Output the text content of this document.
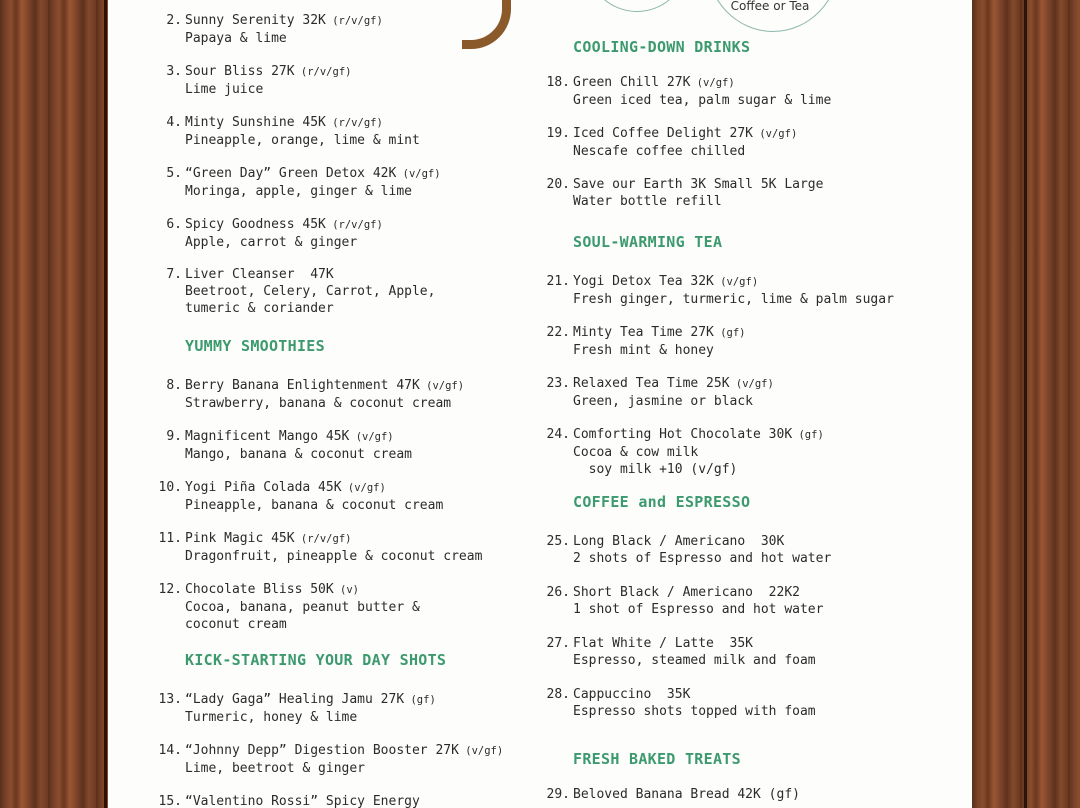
Coffee or Tea
2. Sunny Serenity 32K (r/v/gf)
Papaya & lime
3. Sour Bliss 27K (r/v/gf)
Lime juice
4. Minty Sunshine 45K (r/v/gf)
Pineapple, orange, lime & mint
5. “Green Day” Green Detox 42K (v/gf)
Moringa, apple, ginger & lime
6. Spicy Goodness 45K (r/v/gf)
Apple, carrot & ginger
7. Liver Cleanser  47K
Beetroot, Celery, Carrot, Apple,
tumeric & coriander
YUMMY SMOOTHIES
8. Berry Banana Enlightenment 47K (v/gf)
Strawberry, banana & coconut cream
9. Magnificent Mango 45K (v/gf)
Mango, banana & coconut cream
10. Yogi Piña Colada 45K (v/gf)
Pineapple, banana & coconut cream
11. Pink Magic 45K (r/v/gf)
Dragonfruit, pineapple & coconut cream
12. Chocolate Bliss 50K (v)
Cocoa, banana, peanut butter &
coconut cream
KICK-STARTING YOUR DAY SHOTS
13. “Lady Gaga” Healing Jamu 27K (gf)
Turmeric, honey & lime
14. “Johnny Depp” Digestion Booster 27K (v/gf)
Lime, beetroot & ginger
15. “Valentino Rossi” Spicy Energy
COOLING-DOWN DRINKS
18. Green Chill 27K (v/gf)
Green iced tea, palm sugar & lime
19. Iced Coffee Delight 27K (v/gf)
Nescafe coffee chilled
20. Save our Earth 3K Small 5K Large
Water bottle refill
SOUL-WARMING TEA
21. Yogi Detox Tea 32K (v/gf)
Fresh ginger, turmeric, lime & palm sugar
22. Minty Tea Time 27K (gf)
Fresh mint & honey
23. Relaxed Tea Time 25K (v/gf)
Green, jasmine or black
24. Comforting Hot Chocolate 30K (gf)
Cocoa & cow milk
soy milk +10 (v/gf)
COFFEE and ESPRESSO
25. Long Black / Americano  30K
2 shots of Espresso and hot water
26. Short Black / Americano  22K2
1 shot of Espresso and hot water
27. Flat White / Latte  35K
Espresso, steamed milk and foam
28. Cappuccino  35K
Espresso shots topped with foam
FRESH BAKED TREATS
29. Beloved Banana Bread 42K (gf)
